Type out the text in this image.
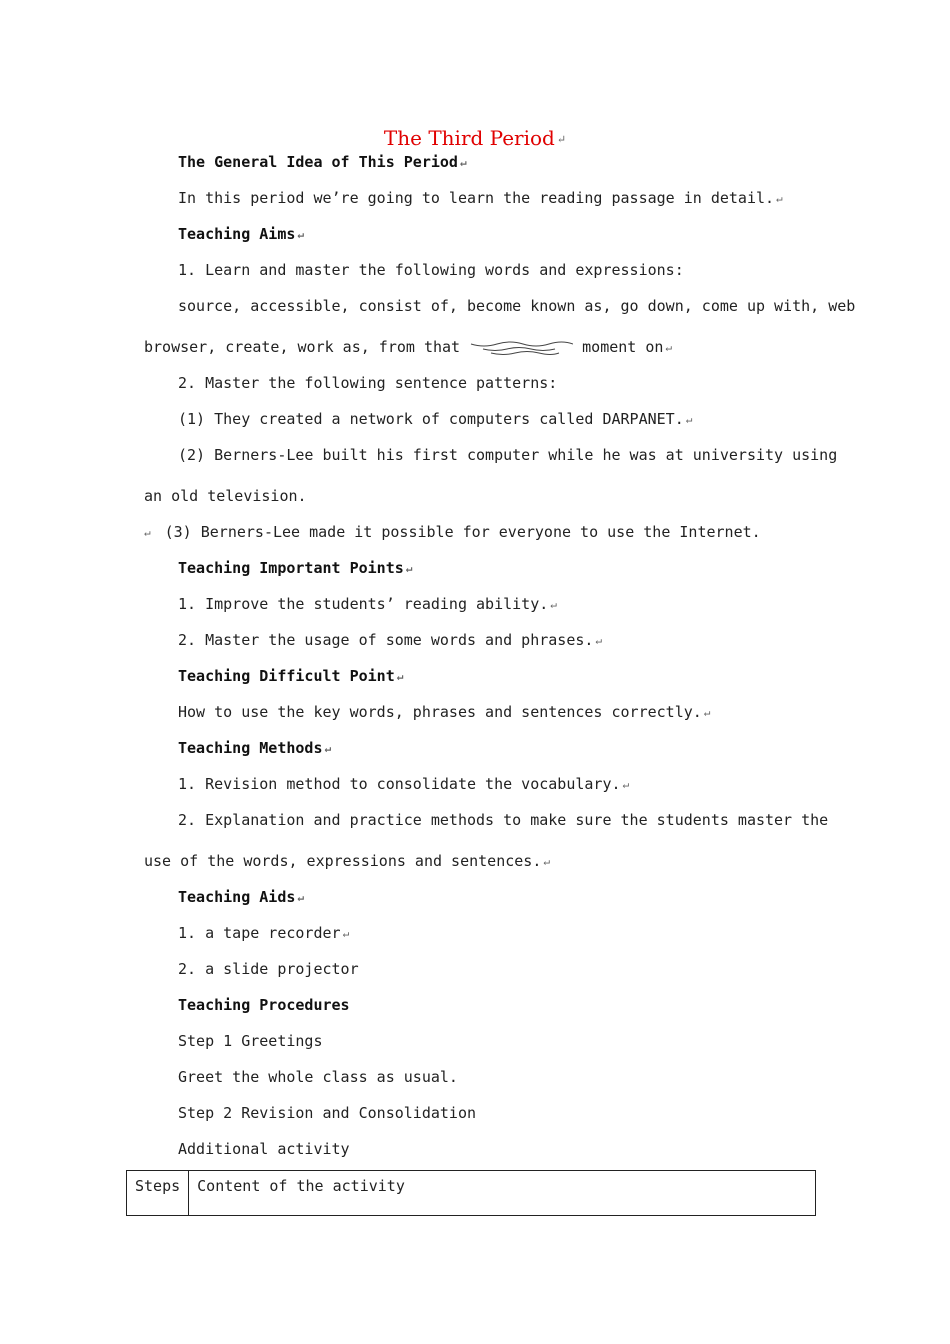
The Third Period↵
The General Idea of This Period↵
In this period we’re going to learn the reading passage in detail.↵
Teaching Aims↵
1. Learn and master the following words and expressions:
source, accessible, consist of, become known as, go down, come up with, web
browser, create, work as, from that	moment on↵
2. Master the following sentence patterns:
(1) They created a network of computers called DARPANET.↵
(2) Berners-Lee built his first computer while he was at university using
an old television.
↵(3) Berners-Lee made it possible for everyone to use the Internet.
Teaching Important Points↵
1. Improve the students’ reading ability.↵
2. Master the usage of some words and phrases.↵
Teaching Difficult Point↵
How to use the key words, phrases and sentences correctly.↵
Teaching Methods↵
1. Revision method to consolidate the vocabulary.↵
2. Explanation and practice methods to make sure the students master the
use of the words, expressions and sentences.↵
Teaching Aids↵
1. a tape recorder↵
2. a slide projector
Teaching Procedures
Step 1 Greetings
Greet the whole class as usual.
Step 2 Revision and Consolidation
Additional activity
Steps	Content of the activity
